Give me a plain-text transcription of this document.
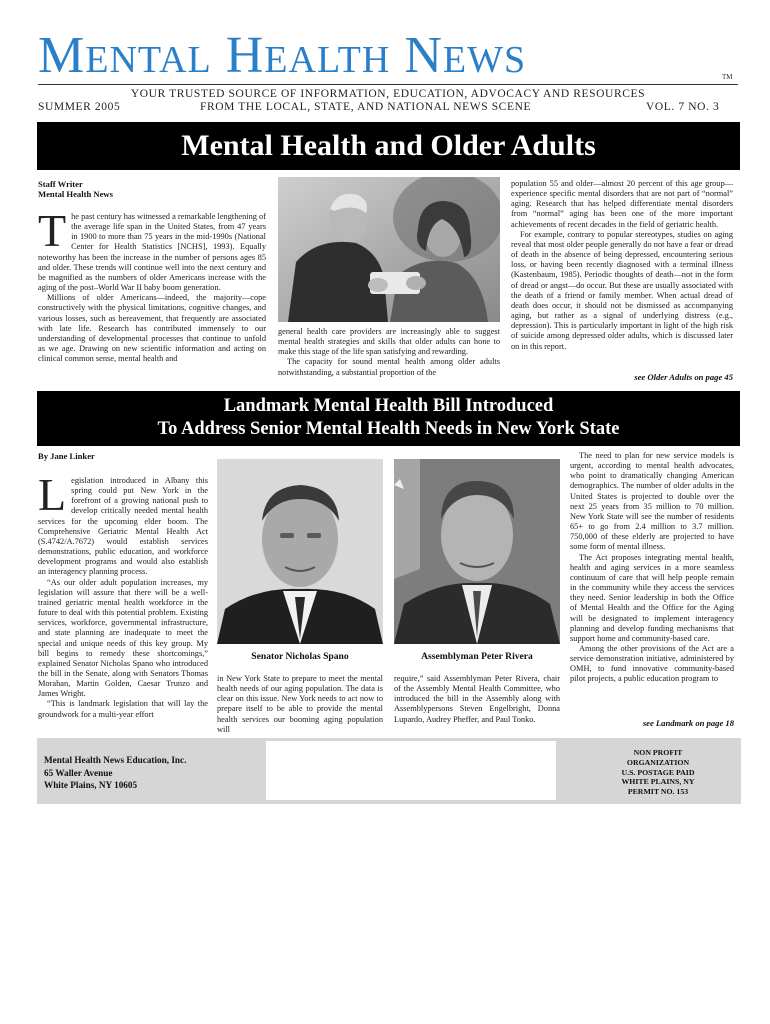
MENTAL HEALTH NEWS	TM
YOUR TRUSTED SOURCE OF INFORMATION, EDUCATION, ADVOCACY AND RESOURCES
SUMMER 2005	FROM THE LOCAL, STATE, AND NATIONAL NEWS SCENE	VOL. 7 NO. 3
Mental Health and Older Adults
Staff Writer
Mental Health News

The past century has witnessed a remarkable lengthening of the average life span in the United States, from 47 years in 1900 to more than 75 years in the mid-1990s (National Center for Health Statistics [NCHS], 1993). Equally noteworthy has been the increase in the number of persons ages 85 and older. These trends will continue well into the next century and be magnified as the numbers of older Americans increase with the aging of the post–World War II baby boom generation.

Millions of older Americans—indeed, the majority—cope constructively with the physical limitations, cognitive changes, and various losses, such as bereavement, that frequently are associated with late life. Research has contributed immensely to our understanding of developmental processes that continue to unfold as we age. Drawing on new scientific information and acting on clinical common sense, mental health and

general health care providers are increasingly able to suggest mental health strategies and skills that older adults can hone to make this stage of the life span satisfying and rewarding.

The capacity for sound mental health among older adults notwithstanding, a substantial proportion of the

population 55 and older—almost 20 percent of this age group—experience specific mental disorders that are not part of “normal” aging. Research that has helped differentiate mental disorders from “normal” aging has been one of the more important achievements of recent decades in the field of geriatric health.

For example, contrary to popular stereotypes, studies on aging reveal that most older people generally do not have a fear or dread of death in the absence of being depressed, encountering serious loss, or having been recently diagnosed with a terminal illness (Kastenbaum, 1985). Periodic thoughts of death—not in the form of dread or angst—do occur. But these are usually associated with the death of a friend or family member. When actual dread of death does occur, it should not be dismissed as accompanying aging, but rather as a signal of underlying distress (e.g., depression). This is particularly important in light of the high risk of suicide among depressed older adults, which is discussed later on in this report.

see Older Adults on page 45
Landmark Mental Health Bill Introduced
To Address Senior Mental Health Needs in New York State
By Jane Linker

Legislation introduced in Albany this spring could put New York in the forefront of a growing national push to develop critically needed mental health services for the upcoming elder boom. The Comprehensive Geriatric Mental Health Act (S.4742/A.7672) would establish services demonstrations, public education, and workforce development programs and would also establish an interagency planning process.

“As our older adult population increases, my legislation will assure that there will be a well-trained geriatric mental health workforce in the future to deal with this potential problem. Existing services, workforce, governmental infrastructure, and state planning are inadequate to meet the special and unique needs of this key group. My bill begins to remedy these shortcomings,” explained Senator Nicholas Spano who introduced the bill in the Senate, along with Senators Thomas Morahan, Martin Golden, Caesar Trunzo and James Wright.

“This is landmark legislation that will lay the groundwork for a multi-year effort

Senator Nicholas Spano	Assemblyman Peter Rivera

in New York State to prepare to meet the mental health needs of our aging population. The data is clear on this issue. New York needs to act now to prepare itself to be able to provide the mental health services our booming aging population will

require,” said Assemblyman Peter Rivera, chair of the Assembly Mental Health Committee, who introduced the bill in the Assembly along with Assemblypersons Steven Engelbright, Donna Lupardo, Audrey Pheffer, and Paul Tonko.

The need to plan for new service models is urgent, according to mental health advocates, who point to dramatically changing American demographics. The number of older adults in the United States is projected to double over the next 25 years from 35 million to 70 million. New York State will see the number of residents 65+ to go from 2.4 million to 3.7 million. 750,000 of these elderly are projected to have some form of mental illness.

The Act proposes integrating mental health, health and aging services in a more seamless continuum of care that will help people remain in the community while they access the services they need. Senior leadership in both the Office of Mental Health and the Office for the Aging will be designated to implement interagency planning and develop funding mechanisms that support home and community-based care.

Among the other provisions of the Act are a service demonstration initiative, administered by OMH, to fund innovative community-based pilot projects, a public education program to

see Landmark on page 18
Mental Health News Education, Inc.
65 Waller Avenue
White Plains, NY 10605
NON PROFIT
ORGANIZATION
U.S. POSTAGE PAID
WHITE PLAINS, NY
PERMIT NO. 153
